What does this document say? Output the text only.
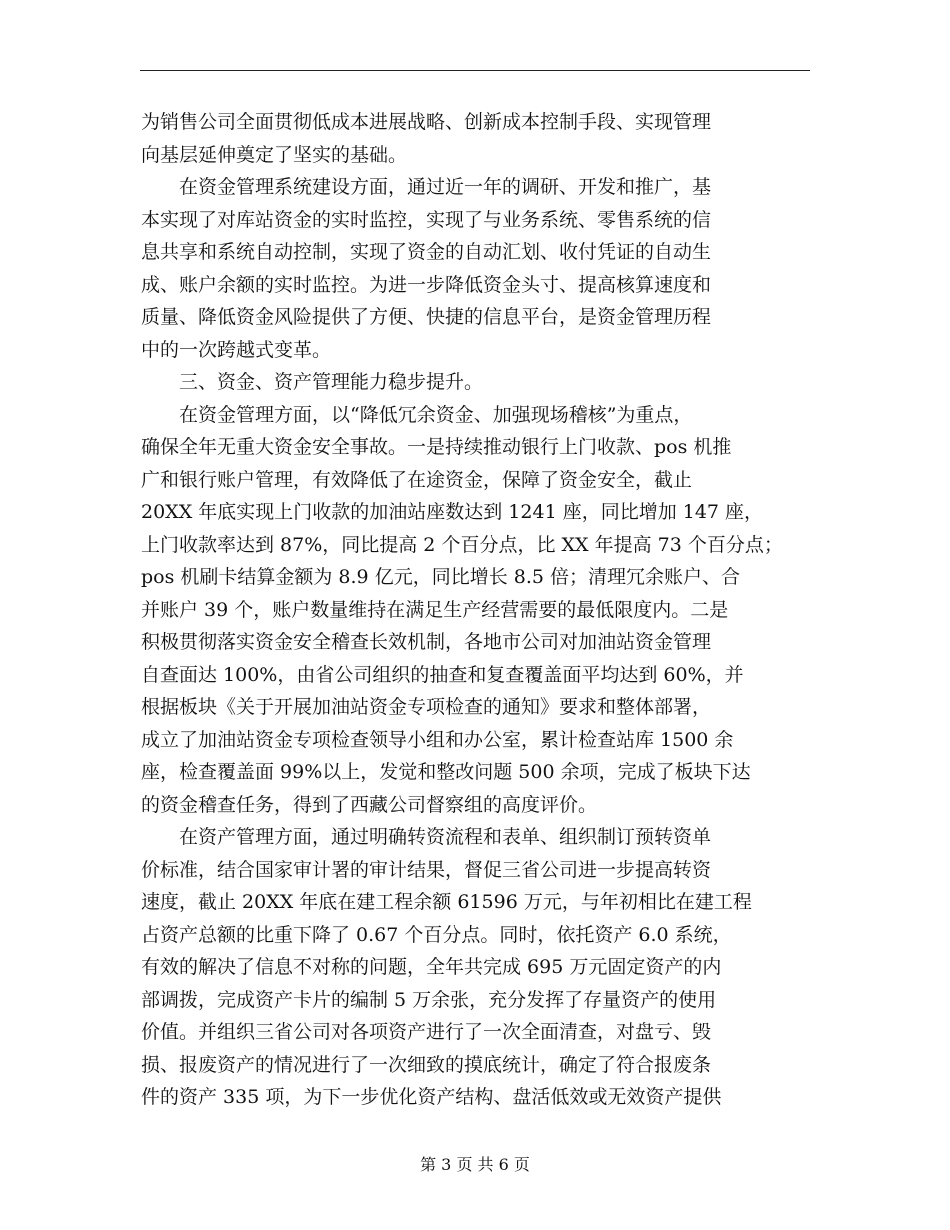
为销售公司全面贯彻低成本进展战略、创新成本控制手段、实现管理
向基层延伸奠定了坚实的基础。
在资金管理系统建设方面，通过近一年的调研、开发和推广，基
本实现了对库站资金的实时监控，实现了与业务系统、零售系统的信
息共享和系统自动控制，实现了资金的自动汇划、收付凭证的自动生
成、账户余额的实时监控。为进一步降低资金头寸、提高核算速度和
质量、降低资金风险提供了方便、快捷的信息平台，是资金管理历程
中的一次跨越式变革。
三、资金、资产管理能力稳步提升。
在资金管理方面，以“降低冗余资金、加强现场稽核”为重点，
确保全年无重大资金安全事故。一是持续推动银行上门收款、pos 机推
广和银行账户管理，有效降低了在途资金，保障了资金安全，截止
20XX 年底实现上门收款的加油站座数达到 1241 座，同比增加 147 座，
上门收款率达到 87%，同比提高 2 个百分点，比 XX 年提高 73 个百分点；
pos 机刷卡结算金额为 8.9 亿元，同比增长 8.5 倍；清理冗余账户、合
并账户 39 个，账户数量维持在满足生产经营需要的最低限度内。二是
积极贯彻落实资金安全稽查长效机制，各地市公司对加油站资金管理
自查面达 100%，由省公司组织的抽查和复查覆盖面平均达到 60%，并
根据板块《关于开展加油站资金专项检查的通知》要求和整体部署，
成立了加油站资金专项检查领导小组和办公室，累计检查站库 1500 余
座，检查覆盖面 99%以上，发觉和整改问题 500 余项，完成了板块下达
的资金稽查任务，得到了西藏公司督察组的高度评价。
在资产管理方面，通过明确转资流程和表单、组织制订预转资单
价标准，结合国家审计署的审计结果，督促三省公司进一步提高转资
速度，截止 20XX 年底在建工程余额 61596 万元，与年初相比在建工程
占资产总额的比重下降了 0.67 个百分点。同时，依托资产 6.0 系统，
有效的解决了信息不对称的问题，全年共完成 695 万元固定资产的内
部调拨，完成资产卡片的编制 5 万余张，充分发挥了存量资产的使用
价值。并组织三省公司对各项资产进行了一次全面清查，对盘亏、毁
损、报废资产的情况进行了一次细致的摸底统计，确定了符合报废条
件的资产 335 项，为下一步优化资产结构、盘活低效或无效资产提供
第 3 页 共 6 页
